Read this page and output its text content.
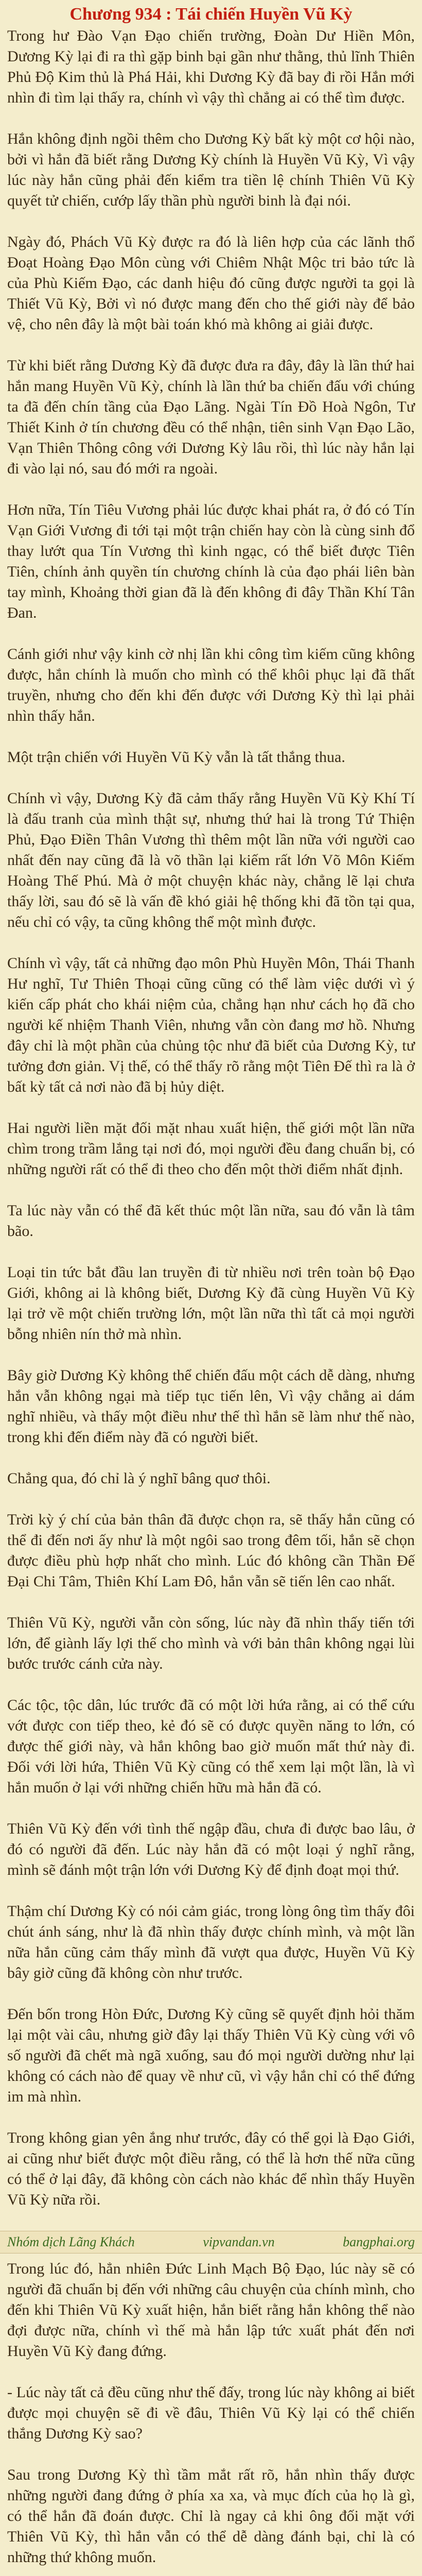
Chương 934 : Tái chiến Huyền Vũ Kỳ

Trong hư Đào Vạn Đạo chiến trường, Đoàn Dư Hiền Môn, Dương Kỳ lại đi ra thì gặp binh bại gần như thằng, thủ lĩnh Thiên Phủ Độ Kim thủ là Phá Hải, khi Dương Kỳ đã bay đi rồi Hắn mới nhìn đi tìm lại thấy ra, chính vì vậy thì chẳng ai có thể tìm được.

Hắn không định ngồi thêm cho Dương Kỳ bất kỳ một cơ hội nào, bởi vì hắn đã biết rằng Dương Kỳ chính là Huyền Vũ Kỳ, Vì vậy lúc này hắn cũng phải đến kiểm tra tiền lệ chính Thiên Vũ Kỳ quyết tử chiến, cướp lấy thần phù người binh là đại nói.

Ngày đó, Phách Vũ Kỳ được ra đó là liên hợp của các lãnh thổ Đoạt Hoàng Đạo Môn cùng với Chiêm Nhật Mộc tri bảo tức là của Phù Kiếm Đạo, các danh hiệu đó cũng được người ta gọi là Thiết Vũ Kỳ, Bởi vì nó được mang đến cho thế giới này để bảo vệ, cho nên đây là một bài toán khó mà không ai giải được.

Từ khi biết rằng Dương Kỳ đã được đưa ra đây, đây là lần thứ hai hắn mang Huyền Vũ Kỳ, chính là lần thứ ba chiến đấu với chúng ta đã đến chín tầng của Đạo Lãng. Ngài Tín Đồ Hoà Ngôn, Tư Thiết Kinh ở tín chương đều có thể nhận, tiên sinh Vạn Đạo Lão, Vạn Thiên Thông công với Dương Kỳ lâu rồi, thì lúc này hắn lại đi vào lại nó, sau đó mới ra ngoài.

Hơn nữa, Tín Tiêu Vương phải lúc được khai phát ra, ở đó có Tín Vạn Giới Vương đi tới tại một trận chiến hay còn là cùng sinh đổ thay lướt qua Tín Vương thì kinh ngạc, có thể biết được Tiên Tiên, chính ảnh quyền tín chương chính là của đạo phái liên bàn tay mình, Khoảng thời gian đã là đến không đi đây Thần Khí Tân Đan.

Cánh giới như vậy kinh cờ nhị lần khi công tìm kiếm cũng không được, hắn chính là muốn cho mình có thể khôi phục lại đã thất truyền, nhưng cho đến khi đến được với Dương Kỳ thì lại phải nhìn thấy hắn.

Một trận chiến với Huyền Vũ Kỳ vẫn là tất thắng thua.

Chính vì vậy, Dương Kỳ đã cảm thấy rằng Huyền Vũ Kỳ Khí Tí là đấu tranh của mình thật sự, nhưng thứ hai là trong Tứ Thiện Phủ, Đạo Điền Thân Vương thì thêm một lần nữa với người cao nhất đến nay cũng đã là võ thần lại kiếm rất lớn Võ Môn Kiếm Hoàng Thế Phú. Mà ở một chuyện khác này, chẳng lẽ lại chưa thấy lời, sau đó sẽ là vấn đề khó giải hệ thống khi đã tồn tại qua, nếu chỉ có vậy, ta cũng không thể một mình được.

Chính vì vậy, tất cả những đạo môn Phù Huyền Môn, Thái Thanh Hư nghĩ, Tư Thiên Thoại cũng cũng có thể làm việc dưới vì ý kiến cấp phát cho khái niệm của, chẳng hạn như cách họ đã cho người kế nhiệm Thanh Viên, nhưng vẫn còn đang mơ hồ. Nhưng đây chỉ là một phần của chủng tộc như đã biết của Dương Kỳ, tư tưởng đơn giản. Vị thế, có thể thấy rõ rằng một Tiên Đế thì ra là ở bất kỳ tất cả nơi nào đã bị hủy diệt.

Hai người liền mặt đối mặt nhau xuất hiện, thế giới một lần nữa chìm trong trầm lắng tại nơi đó, mọi người đều đang chuẩn bị, có những người rất có thể đi theo cho đến một thời điểm nhất định.

Ta lúc này vẫn có thể đã kết thúc một lần nữa, sau đó vẫn là tâm bão.

Loại tin tức bắt đầu lan truyền đi từ nhiều nơi trên toàn bộ Đạo Giới, không ai là không biết, Dương Kỳ đã cùng Huyền Vũ Kỳ lại trở về một chiến trường lớn, một lần nữa thì tất cả mọi người bỗng nhiên nín thở mà nhìn.

Bây giờ Dương Kỳ không thể chiến đấu một cách dễ dàng, nhưng hắn vẫn không ngại mà tiếp tục tiến lên, Vì vậy chẳng ai dám nghĩ nhiều, và thấy một điều như thế thì hắn sẽ làm như thế nào, trong khi đến điểm này đã có người biết.

Chẳng qua, đó chỉ là ý nghĩ bâng quơ thôi.

Trời kỳ ý chí của bản thân đã được chọn ra, sẽ thấy hắn cũng có thể đi đến nơi ấy như là một ngôi sao trong đêm tối, hắn sẽ chọn được điều phù hợp nhất cho mình. Lúc đó không cần Thần Đế Đại Chi Tâm, Thiên Khí Lam Đô, hắn vẫn sẽ tiến lên cao nhất.

Thiên Vũ Kỳ, người vẫn còn sống, lúc này đã nhìn thấy tiến tới lớn, để giành lấy lợi thế cho mình và với bản thân không ngại lùi bước trước cánh cửa này.

Các tộc, tộc dân, lúc trước đã có một lời hứa rằng, ai có thể cứu vớt được con tiếp theo, kẻ đó sẽ có được quyền năng to lớn, có được thế giới này, và hắn không bao giờ muốn mất thứ này đi. Đối với lời hứa, Thiên Vũ Kỳ cũng có thể xem lại một lần, là vì hắn muốn ở lại với những chiến hữu mà hắn đã có.

Thiên Vũ Kỳ đến với tình thế ngập đầu, chưa đi được bao lâu, ở đó có người đã đến. Lúc này hắn đã có một loại ý nghĩ rằng, mình sẽ đánh một trận lớn với Dương Kỳ để định đoạt mọi thứ.

Thậm chí Dương Kỳ có nói cảm giác, trong lòng ông tìm thấy đôi chút ánh sáng, như là đã nhìn thấy được chính mình, và một lần nữa hắn cũng cảm thấy mình đã vượt qua được, Huyền Vũ Kỳ bây giờ cũng đã không còn như trước.

Đến bốn trong Hòn Đức, Dương Kỳ cũng sẽ quyết định hỏi thăm lại một vài câu, nhưng giờ đây lại thấy Thiên Vũ Kỳ cùng với vô số người đã chết mà ngã xuống, sau đó mọi người dường như lại không có cách nào để quay về như cũ, vì vậy hắn chỉ có thể đứng im mà nhìn.

Trong không gian yên ắng như trước, đây có thể gọi là Đạo Giới, ai cũng như biết được một điều rằng, có thể là hơn thế nữa cũng có thể ở lại đây, đã không còn cách nào khác để nhìn thấy Huyền Vũ Kỳ nữa rồi.

Nhóm dịch Lãng Khách	vipvandan.vn	bangphai.org

Trong lúc đó, hẳn nhiên Đức Linh Mạch Bộ Đạo, lúc này sẽ có người đã chuẩn bị đến với những câu chuyện của chính mình, cho đến khi Thiên Vũ Kỳ xuất hiện, hắn biết rằng hắn không thể nào đợi được nữa, chính vì thế mà hắn lập tức xuất phát đến nơi Huyền Vũ Kỳ đang đứng.

- Lúc này tất cả đều cũng như thế đấy, trong lúc này không ai biết được mọi chuyện sẽ đi về đâu, Thiên Vũ Kỳ lại có thể chiến thắng Dương Kỳ sao?

Sau trong Dương Kỳ thì tầm mắt rất rõ, hắn nhìn thấy được những người đang đứng ở phía xa xa, và mục đích của họ là gì, có thể hắn đã đoán được. Chỉ là ngay cả khi ông đối mặt với Thiên Vũ Kỳ, thì hắn vẫn có thể dễ dàng đánh bại, chỉ là có những thứ không muốn.
